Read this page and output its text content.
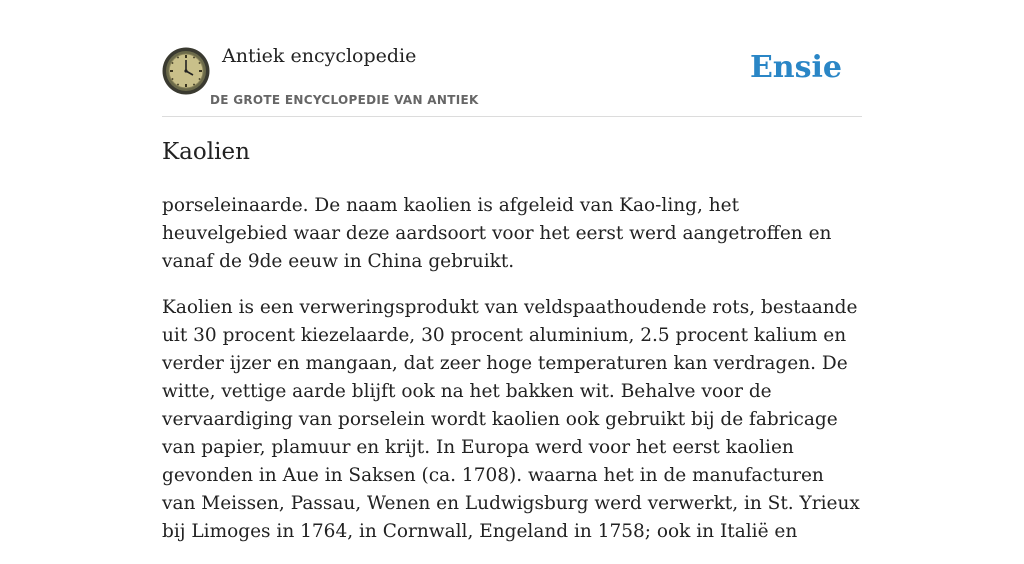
Antiek encyclopedie
DE GROTE ENCYCLOPEDIE VAN ANTIEK
Ensie
Kaolien

porseleinaarde. De naam kaolien is afgeleid van Kao-ling, het heuvelgebied waar deze aardsoort voor het eerst werd aangetroffen en vanaf de 9de eeuw in China gebruikt.

Kaolien is een verweringsprodukt van veldspaathoudende rots, bestaande uit 30 procent kiezelaarde, 30 procent aluminium, 2.5 procent kalium en verder ijzer en mangaan, dat zeer hoge temperaturen kan verdragen. De witte, vettige aarde blijft ook na het bakken wit. Behalve voor de vervaardiging van porselein wordt kaolien ook gebruikt bij de fabricage van papier, plamuur en krijt. In Europa werd voor het eerst kaolien gevonden in Aue in Saksen (ca. 1708). waarna het in de manufacturen van Meissen, Passau, Wenen en Ludwigsburg werd verwerkt, in St. Yrieux bij Limoges in 1764, in Cornwall, Engeland in 1758; ook in Italië en
